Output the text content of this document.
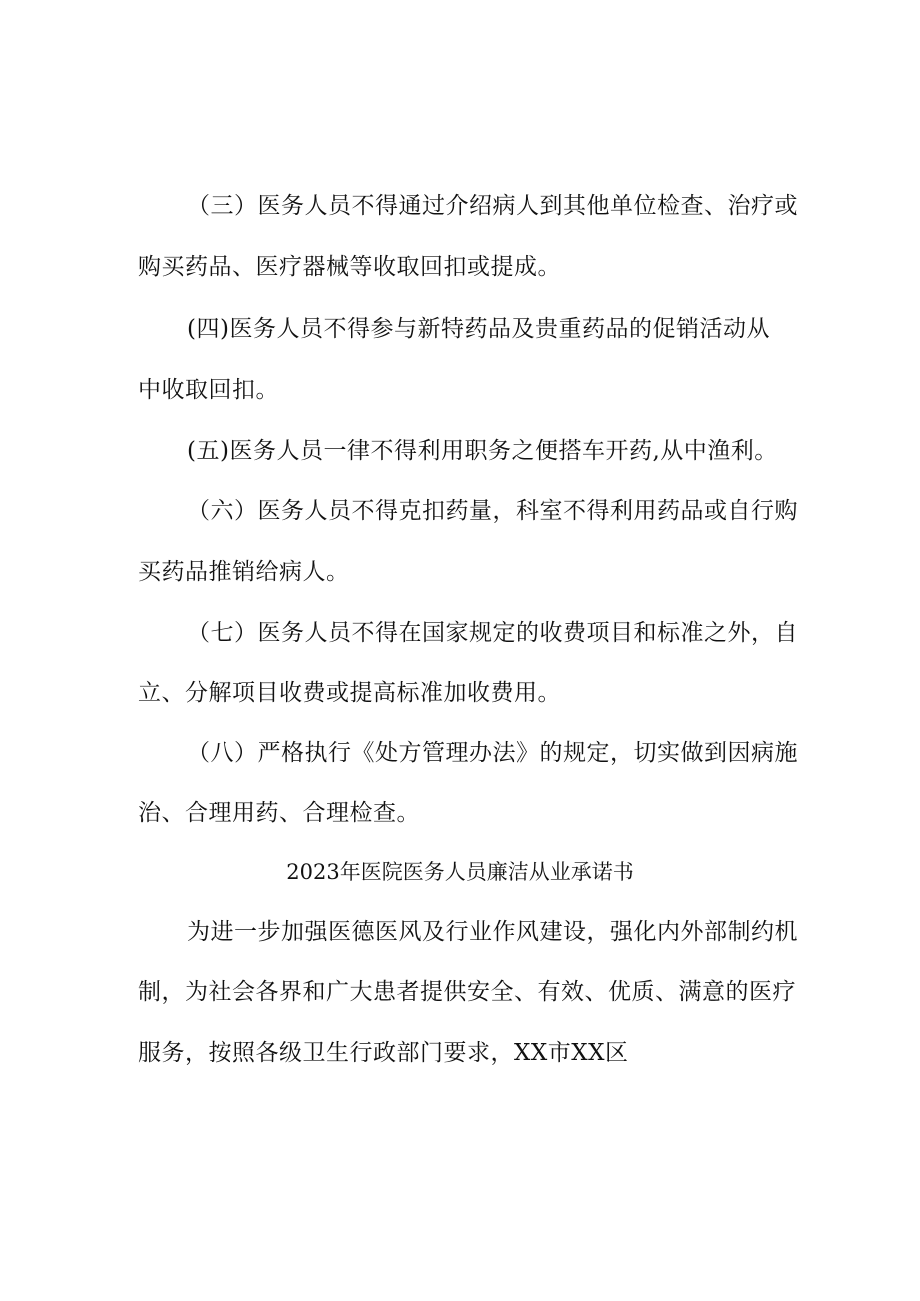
（三）医务人员不得通过介绍病人到其他单位检查、治疗或
购买药品、医疗器械等收取回扣或提成。
(四)医务人员不得参与新特药品及贵重药品的促销活动从
中收取回扣。
(五)医务人员一律不得利用职务之便搭车开药,从中渔利。
（六）医务人员不得克扣药量，科室不得利用药品或自行购
买药品推销给病人。
（七）医务人员不得在国家规定的收费项目和标准之外，自
立、分解项目收费或提高标准加收费用。
（八）严格执行《处方管理办法》的规定，切实做到因病施
治、合理用药、合理检查。
2023年医院医务人员廉洁从业承诺书
为进一步加强医德医风及行业作风建设，强化内外部制约机
制，为社会各界和广大患者提供安全、有效、优质、满意的医疗
服务，按照各级卫生行政部门要求，XX市XX区
